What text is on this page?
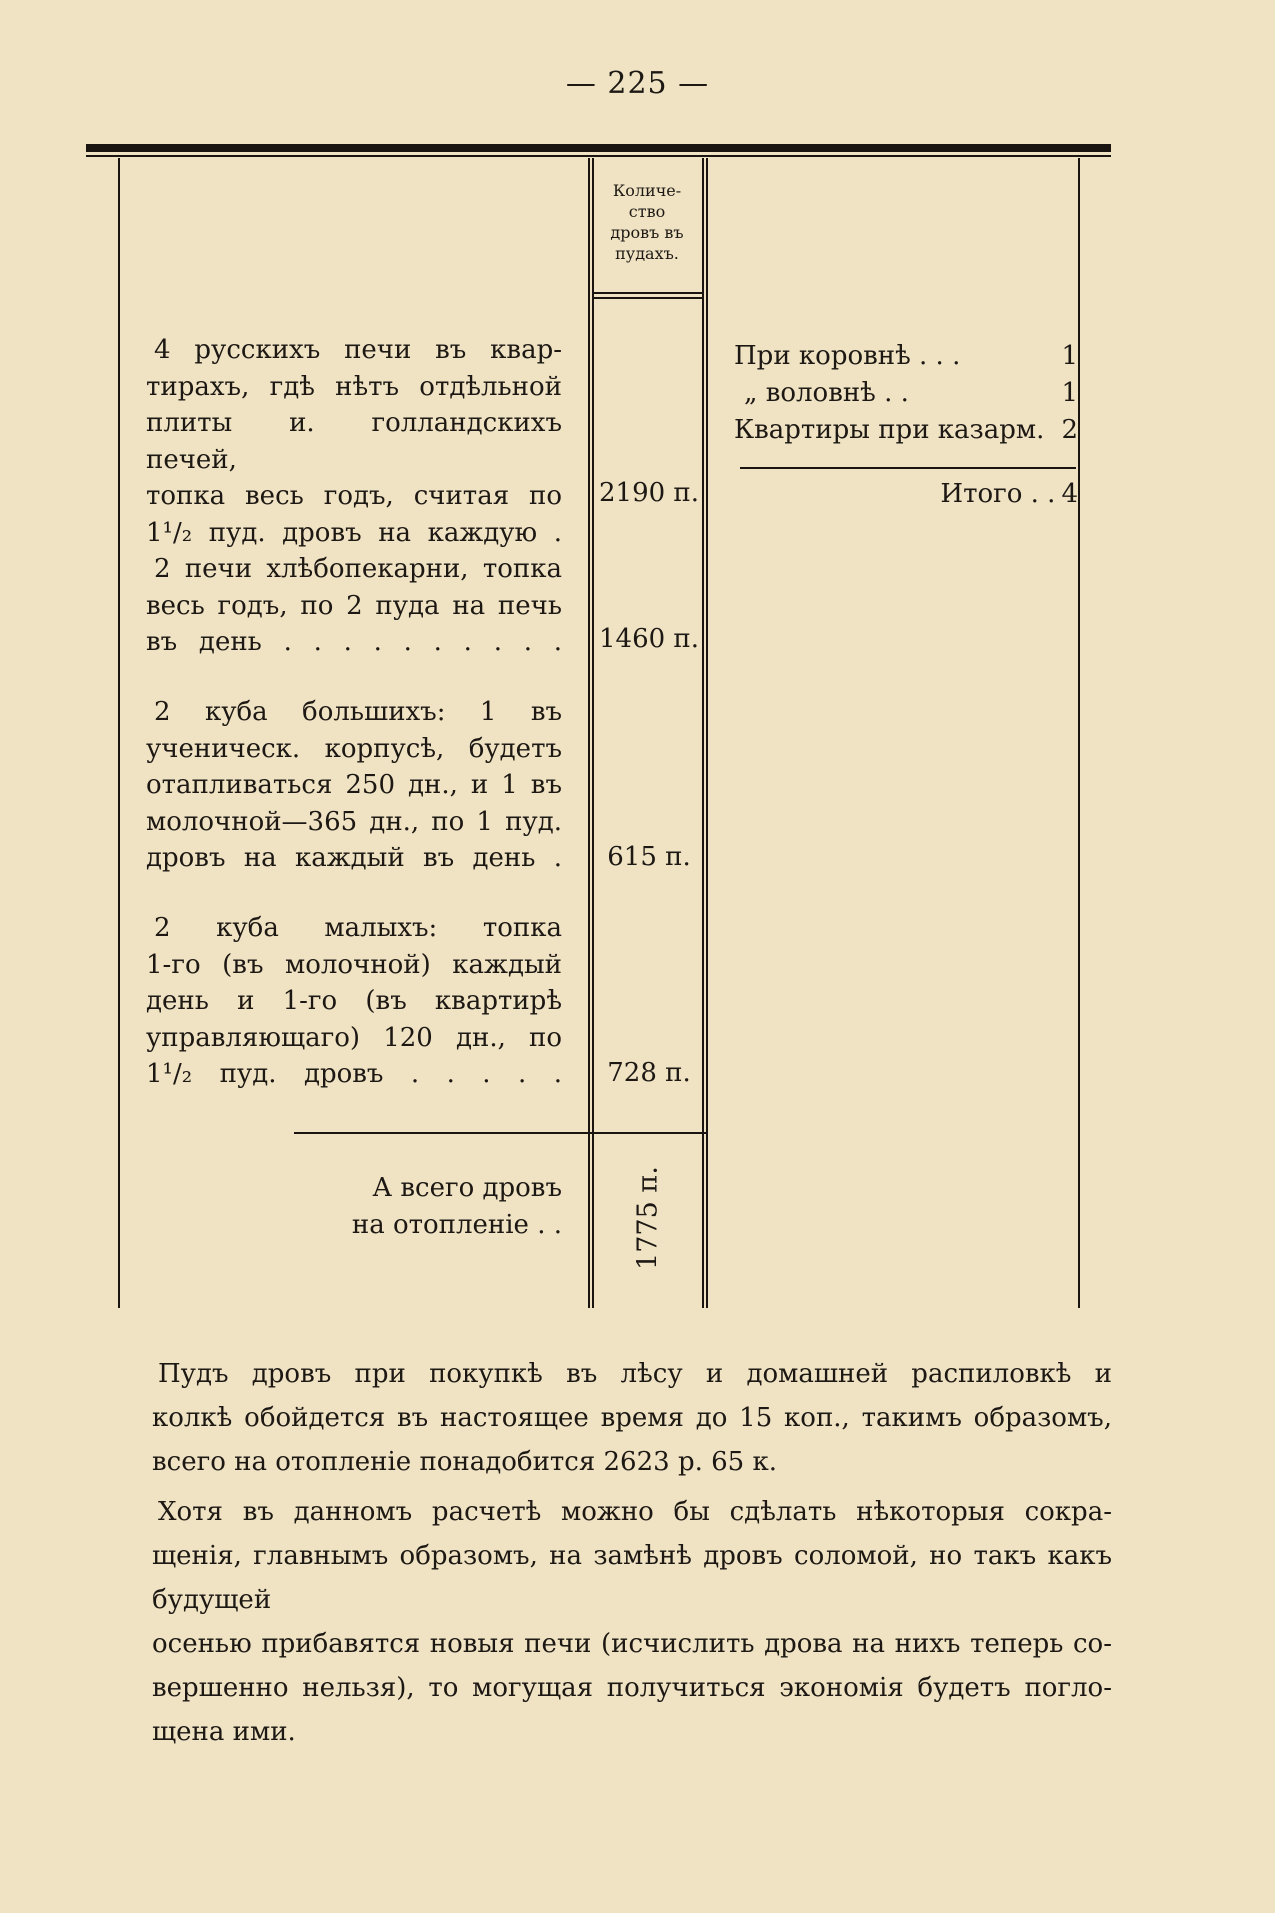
— 225 —
Количе-
ство
дровъ въ
пудахъ.
4 русскихъ печи въ квар-
тирахъ, гдѣ нѣтъ отдѣльной
плиты и. голландскихъ печей,
топка весь годъ, считая по
1¹/₂ пуд. дровъ на каждую .
2190 п.
2 печи хлѣбопекарни, топка
весь годъ, по 2 пуда на печь
въ день . . . . . . . . . . 1460 п.
2 куба большихъ: 1 въ
ученическ. корпусѣ, будетъ
отапливаться 250 дн., и 1 въ
молочной—365 дн., по 1 пуд.
дровъ на каждый въ день .	615 п.
2 куба малыхъ: топка
1-го (въ молочной) каждый
день и 1-го (въ квартирѣ
управляющаго) 120 дн., по
1¹/₂ пуд. дровъ . . . . .	728 п.
А всего дровъ
на отопленіе . .	1775 п.
При коровнѣ . . .	1
„ воловнѣ . .	1
Квартиры при казарм. 2
Итого . . 4
Пудъ дровъ при покупкѣ въ лѣсу и домашней распиловкѣ и
колкѣ обойдется въ настоящее время до 15 коп., такимъ образомъ,
всего на отопленіе понадобится 2623 р. 65 к.
Хотя въ данномъ расчетѣ можно бы сдѣлать нѣкоторыя сокра-
щенія, главнымъ образомъ, на замѣнѣ дровъ соломой, но такъ какъ будущей
осенью прибавятся новыя печи (исчислить дрова на нихъ теперь со-
вершенно нельзя), то могущая получиться экономія будетъ погло-
щена ими.
